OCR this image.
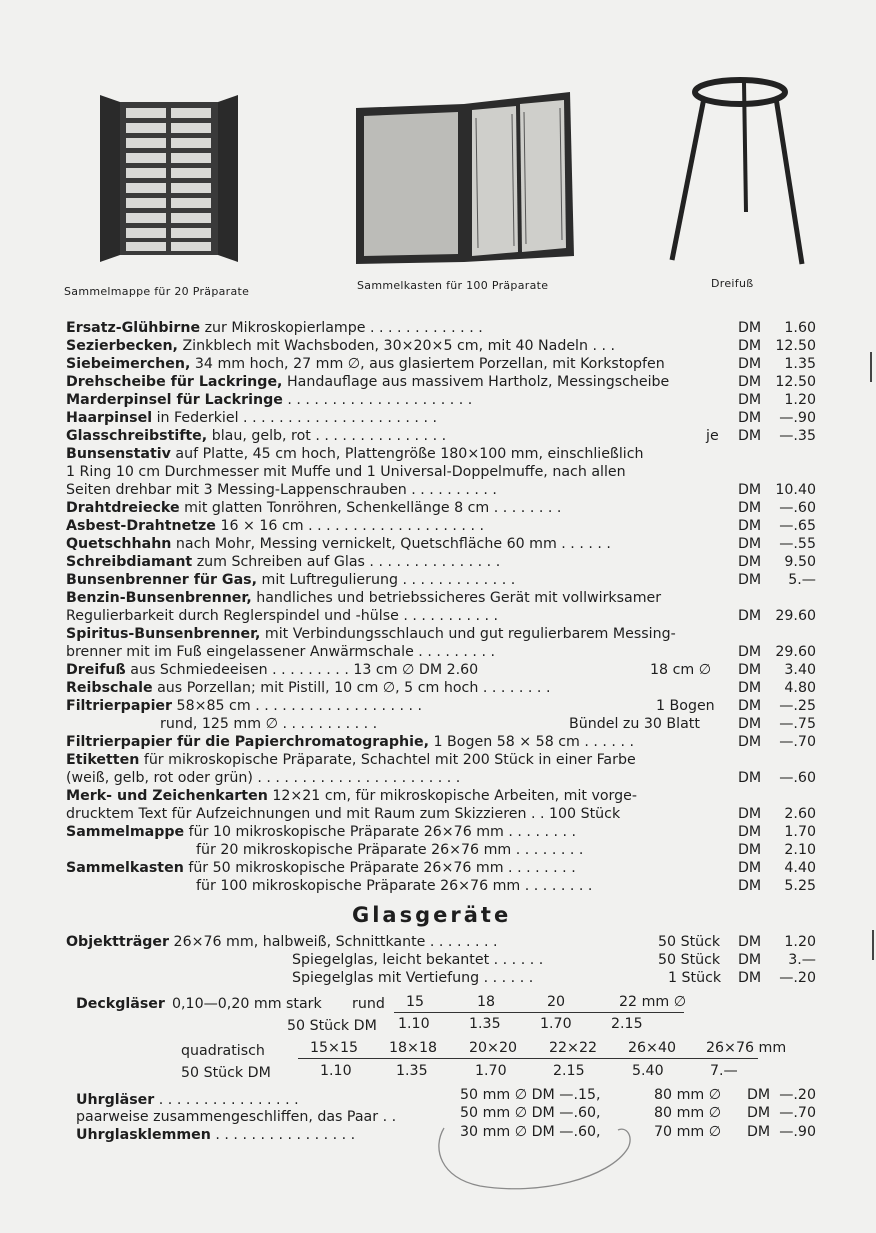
Sammelmappe für 20 Präparate	Sammelkasten für 100 Präparate	Dreifuß
Ersatz-Glühbirne zur Mikroskopierlampe . . . . . . . . . . . . .	DM	1.60
Sezierbecken, Zinkblech mit Wachsboden, 30×20×5 cm, mit 40 Nadeln . . .	DM 12.50
Siebeimerchen, 34 mm hoch, 27 mm ∅, aus glasiertem Porzellan, mit Korkstopfen	DM	1.35
Drehscheibe für Lackringe, Handauflage aus massivem Hartholz, Messingscheibe	DM 12.50
Marderpinsel für Lackringe . . . . . . . . . . . . . . . . . . . . .	DM	1.20
Haarpinsel in Federkiel . . . . . . . . . . . . . . . . . . . . . .	DM	—.90
Glasschreibstifte, blau, gelb, rot . . . . . . . . . . . . . . .	je DM	—.35
Bunsenstativ auf Platte, 45 cm hoch, Plattengröße 180×100 mm, einschließlich
1 Ring 10 cm Durchmesser mit Muffe und 1 Universal-Doppelmuffe, nach allen
Seiten drehbar mit 3 Messing-Lappenschrauben . . . . . . . . . .	DM 10.40
Drahtdreiecke mit glatten Tonröhren, Schenkellänge 8 cm . . . . . . . .	DM	—.60
Asbest-Drahtnetze 16 × 16 cm . . . . . . . . . . . . . . . . . . . .	DM	—.65
Quetschhahn nach Mohr, Messing vernickelt, Quetschfläche 60 mm . . . . . .	DM	—.55
Schreibdiamant zum Schreiben auf Glas . . . . . . . . . . . . . . .	DM	9.50
Bunsenbrenner für Gas, mit Luftregulierung . . . . . . . . . . . . .	DM	5.—
Benzin-Bunsenbrenner, handliches und betriebssicheres Gerät mit vollwirksamer
Regulierbarkeit durch Reglerspindel und -hülse . . . . . . . . . . .	DM 29.60
Spiritus-Bunsenbrenner, mit Verbindungsschlauch und gut regulierbarem Messing-
brenner mit im Fuß eingelassener Anwärmschale . . . . . . . . .	DM 29.60
Dreifuß aus Schmiedeeisen . . . . . . . . . 13 cm ∅ DM 2.60	18 cm ∅ DM	3.40
Reibschale aus Porzellan; mit Pistill, 10 cm ∅, 5 cm hoch . . . . . . . .	DM	4.80
Filtrierpapier 58×85 cm . . . . . . . . . . . . . . . . . . .	1 Bogen DM	—.25
rund, 125 mm ∅ . . . . . . . . . . .	Bündel zu 30 Blatt	DM	—.75
Filtrierpapier für die Papierchromatographie, 1 Bogen 58 × 58 cm . . . . . .	DM	—.70
Etiketten für mikroskopische Präparate, Schachtel mit 200 Stück in einer Farbe
(weiß, gelb, rot oder grün) . . . . . . . . . . . . . . . . . . . . . . .	DM	—.60
Merk- und Zeichenkarten 12×21 cm, für mikroskopische Arbeiten, mit vorge-
drucktem Text für Aufzeichnungen und mit Raum zum Skizzieren . . 100 Stück	DM	2.60
Sammelmappe für 10 mikroskopische Präparate 26×76 mm . . . . . . . .	DM	1.70
für 20 mikroskopische Präparate 26×76 mm . . . . . . . .	DM	2.10
Sammelkasten für 50 mikroskopische Präparate 26×76 mm . . . . . . . .	DM	4.40
für 100 mikroskopische Präparate 26×76 mm . . . . . . . .	DM	5.25
Glasgeräte
Objektträger 26×76 mm, halbweiß, Schnittkante . . . . . . . .	50 Stück DM	1.20
Spiegelglas, leicht bekantet . . . . . .	50 Stück DM	3.—
Spiegelglas mit Vertiefung . . . . . .	1 Stück DM	—.20
Deckgläser 0,10—0,20 mm stark rund 15	18	20	22 mm ∅
50 Stück DM 1.10	1.35	1.70	2.15
quadratisch	15×15 18×18 20×20 22×22 26×40 26×76 mm
50 Stück DM	1.10	1.35	1.70	2.15	5.40	7.—
Uhrgläser . . . . . . . . . . . . . . . .	50 mm ∅ DM —.15,	80 mm ∅ DM —.20
paarweise zusammengeschliffen, das Paar . .	50 mm ∅ DM —.60,	80 mm ∅ DM —.70
Uhrglasklemmen . . . . . . . . . . . . . . . .	30 mm ∅ DM —.60,	70 mm ∅ DM —.90
